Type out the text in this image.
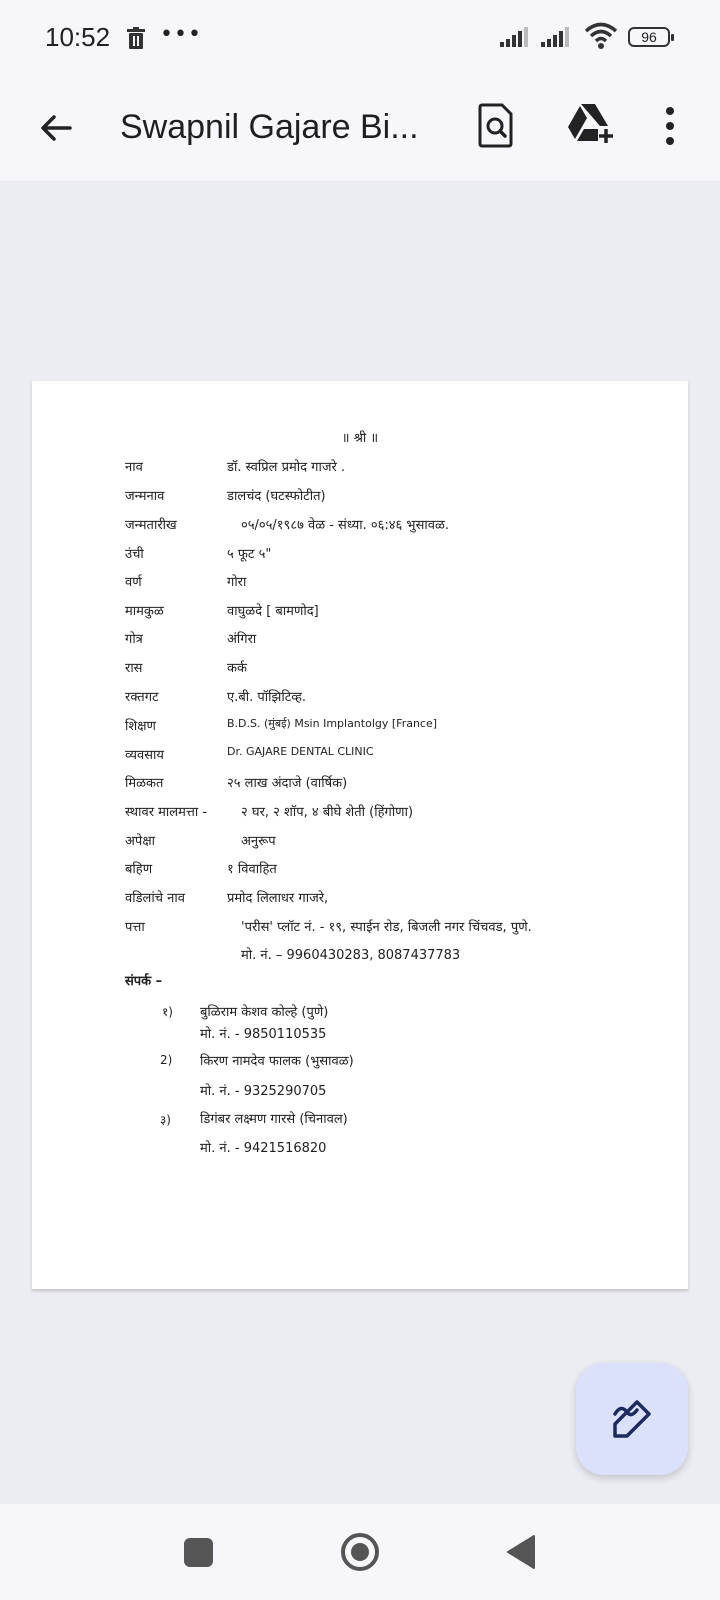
10:52 •••	96
Swapnil Gajare Bi...
॥ श्री ॥
नाव	डॉ. स्वप्रिल प्रमोद गाजरे .
जन्मनाव	डालचंद (घटस्फोटीत)
जन्मतारीख	०५/०५/१९८७ वेळ - संध्या. ०६:४६ भुसावळ.
उंची	५ फूट ५"
वर्ण	गोरा
मामकुळ	वाघुळदे [ बामणोद]
गोत्र	अंगिरा
रास	कर्क
रक्तगट	ए.बी. पॉझिटिव्ह.
शिक्षण	B.D.S. (मुंबई) Msin Implantolgy [France]
व्यवसाय	Dr. GAJARE DENTAL CLINIC
मिळकत	२५ लाख अंदाजे (वार्षिक)
स्थावर मालमत्ता -	२ घर, २ शॉप, ४ बीघे शेती (हिंगोणा)
अपेक्षा	अनुरूप
बहिण	१ विवाहित
वडिलांचे नाव	प्रमोद लिलाधर गाजरे,
पत्ता	'परीस' प्लॉट नं. - १९, स्पाईन रोड, बिजली नगर चिंचवड, पुणे.
मो. नं. – 9960430283, 8087437783
संपर्क –
१) बुळिराम केशव कोल्हे (पुणे)
मो. नं. - 9850110535
2) किरण नामदेव फालक (भुसावळ)
मो. नं. - 9325290705
३) डिगंबर लक्ष्मण गारसे (चिनावल)
मो. नं. - 9421516820
